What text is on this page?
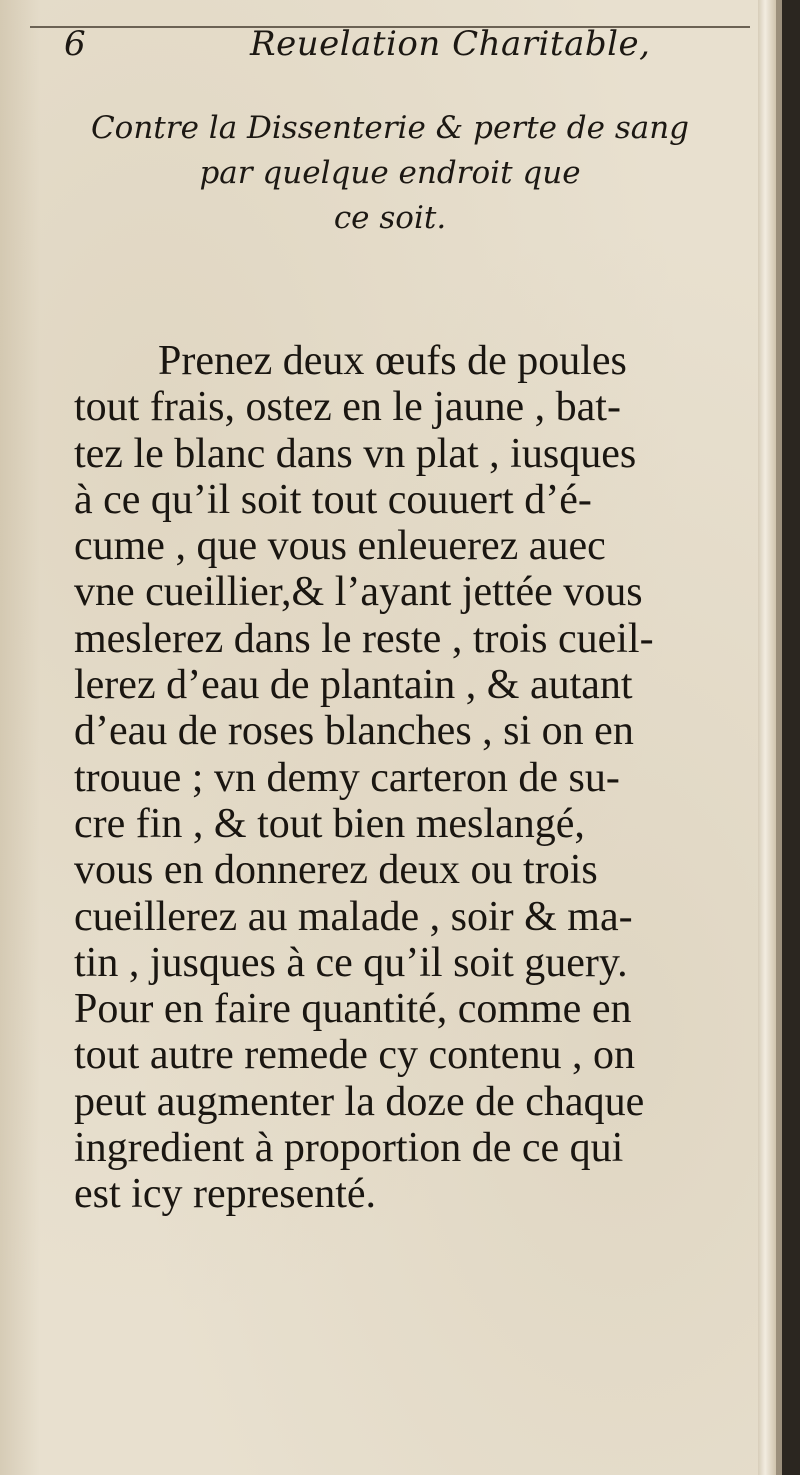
6	Reuelation Charitable,
Contre la Dissenterie & perte de sang
par quelque endroit que
ce soit.
Prenez deux œufs de poules
tout frais, ostez en le jaune , bat-
tez le blanc dans vn plat , iusques
à ce qu’il soit tout couuert d’é-
cume , que vous enleuerez auec
vne cueillier,& l’ayant jettée vous
meslerez dans le reste , trois cueil-
lerez d’eau de plantain , & autant
d’eau de roses blanches , si on en
trouue ; vn demy carteron de su-
cre fin , & tout bien meslangé,
vous en donnerez deux ou trois
cueillerez au malade , soir & ma-
tin , jusques à ce qu’il soit guery.
Pour en faire quantité, comme en
tout autre remede cy contenu , on
peut augmenter la doze de chaque
ingredient à proportion de ce qui
est icy representé.
